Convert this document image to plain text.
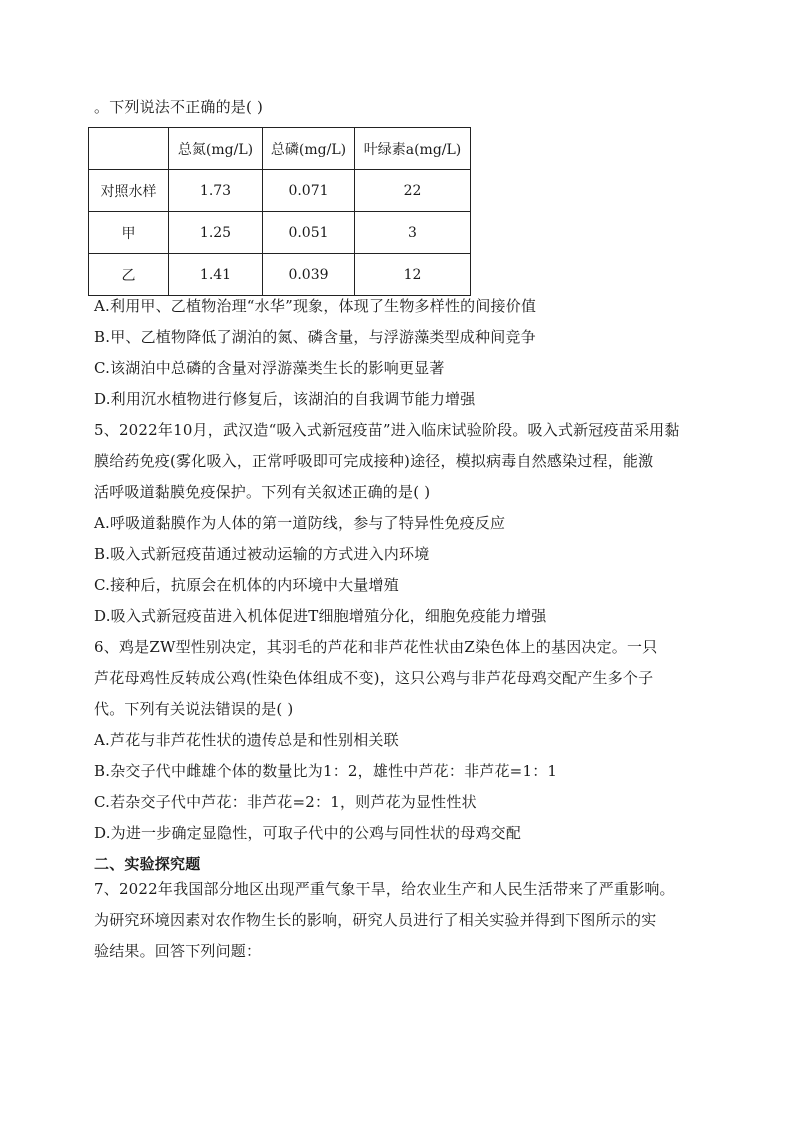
。下列说法不正确的是( )
	总氮(mg/L)	总磷(mg/L)	叶绿素a(mg/L)
对照水样	1.73	0.071	22
甲	1.25	0.051	3
乙	1.41	0.039	12
A.利用甲、乙植物治理“水华”现象，体现了生物多样性的间接价值
B.甲、乙植物降低了湖泊的氮、磷含量，与浮游藻类型成种间竞争
C.该湖泊中总磷的含量对浮游藻类生长的影响更显著
D.利用沉水植物进行修复后，该湖泊的自我调节能力增强
5、2022年10月，武汉造“吸入式新冠疫苗”进入临床试验阶段。吸入式新冠疫苗采用黏
膜给药免疫(雾化吸入，正常呼吸即可完成接种)途径，模拟病毒自然感染过程，能激
活呼吸道黏膜免疫保护。下列有关叙述正确的是( )
A.呼吸道黏膜作为人体的第一道防线，参与了特异性免疫反应
B.吸入式新冠疫苗通过被动运输的方式进入内环境
C.接种后，抗原会在机体的内环境中大量增殖
D.吸入式新冠疫苗进入机体促进T细胞增殖分化，细胞免疫能力增强
6、鸡是ZW型性别决定，其羽毛的芦花和非芦花性状由Z染色体上的基因决定。一只
芦花母鸡性反转成公鸡(性染色体组成不变)，这只公鸡与非芦花母鸡交配产生多个子
代。下列有关说法错误的是( )
A.芦花与非芦花性状的遗传总是和性别相关联
B.杂交子代中雌雄个体的数量比为1：2，雄性中芦花：非芦花=1：1
C.若杂交子代中芦花：非芦花=2：1，则芦花为显性性状
D.为进一步确定显隐性，可取子代中的公鸡与同性状的母鸡交配
二、实验探究题
7、2022年我国部分地区出现严重气象干旱，给农业生产和人民生活带来了严重影响。
为研究环境因素对农作物生长的影响，研究人员进行了相关实验并得到下图所示的实
验结果。回答下列问题：
